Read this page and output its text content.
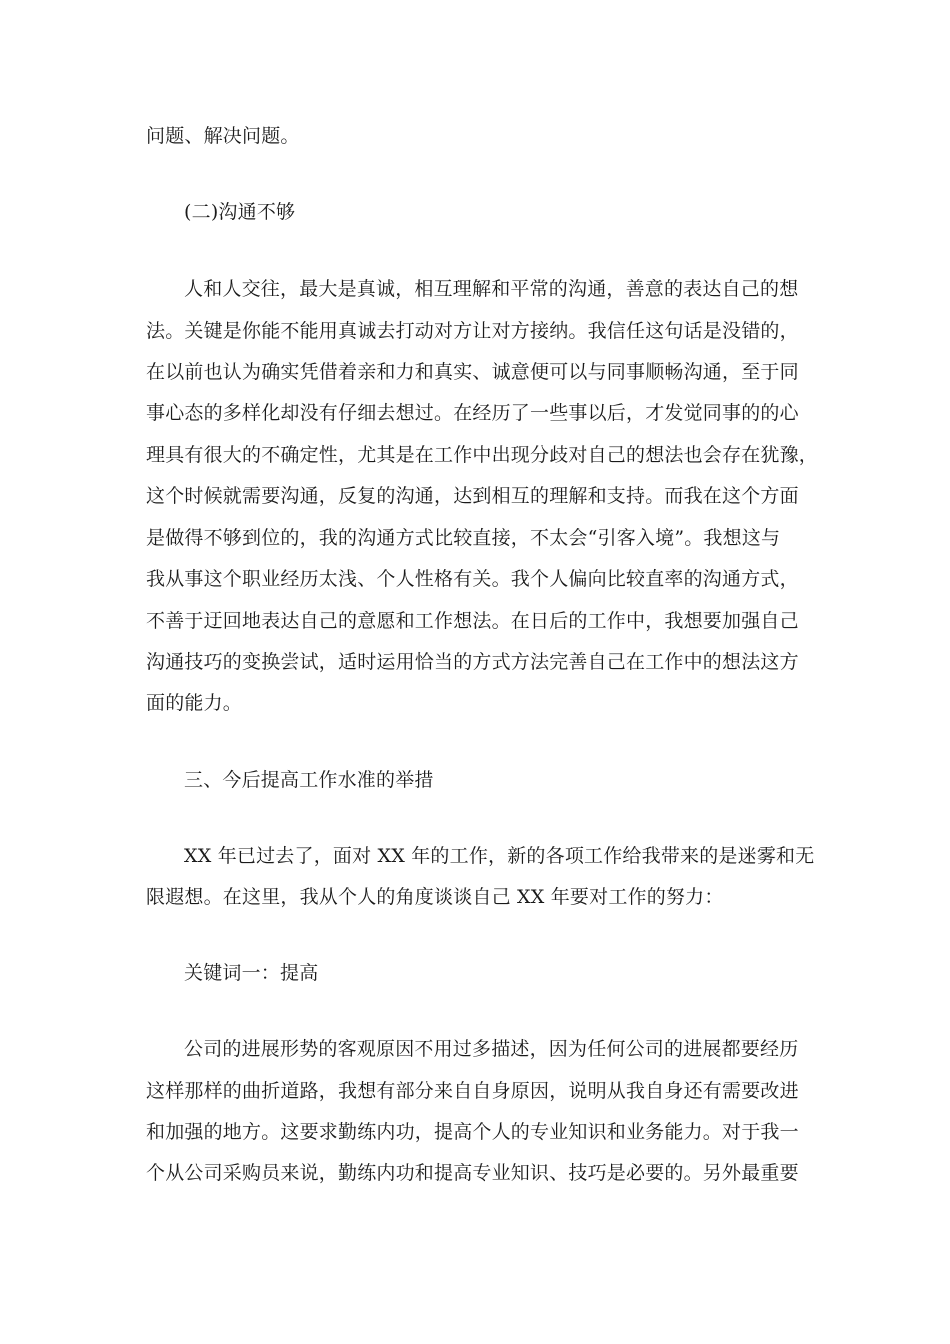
问题、解决问题。
(二)沟通不够
人和人交往，最大是真诚，相互理解和平常的沟通，善意的表达自己的想
法。关键是你能不能用真诚去打动对方让对方接纳。我信任这句话是没错的，
在以前也认为确实凭借着亲和力和真实、诚意便可以与同事顺畅沟通，至于同
事心态的多样化却没有仔细去想过。在经历了一些事以后，才发觉同事的的心
理具有很大的不确定性，尤其是在工作中出现分歧对自己的想法也会存在犹豫，
这个时候就需要沟通，反复的沟通，达到相互的理解和支持。而我在这个方面
是做得不够到位的，我的沟通方式比较直接，不太会“引客入境”。我想这与
我从事这个职业经历太浅、个人性格有关。我个人偏向比较直率的沟通方式，
不善于迂回地表达自己的意愿和工作想法。在日后的工作中，我想要加强自己
沟通技巧的变换尝试，适时运用恰当的方式方法完善自己在工作中的想法这方
面的能力。
三、今后提高工作水准的举措
XX 年已过去了，面对 XX 年的工作，新的各项工作给我带来的是迷雾和无
限遐想。在这里，我从个人的角度谈谈自己 XX 年要对工作的努力：
关键词一：提高
公司的进展形势的客观原因不用过多描述，因为任何公司的进展都要经历
这样那样的曲折道路，我想有部分来自自身原因，说明从我自身还有需要改进
和加强的地方。这要求勤练内功，提高个人的专业知识和业务能力。对于我一
个从公司采购员来说，勤练内功和提高专业知识、技巧是必要的。另外最重要
